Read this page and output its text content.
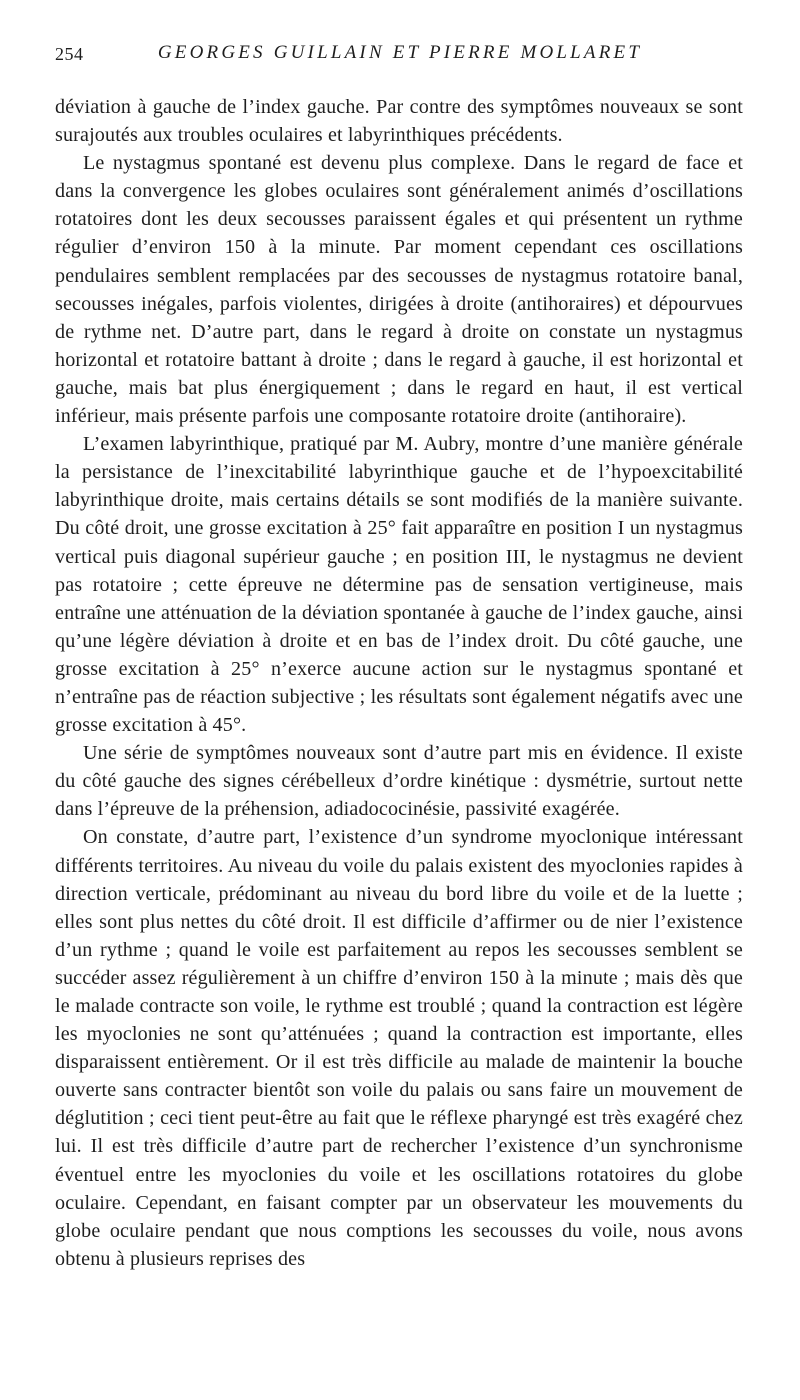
254	GEORGES GUILLAIN ET PIERRE MOLLARET

déviation à gauche de l’index gauche. Par contre des symptômes nouveaux se sont surajoutés aux troubles oculaires et labyrinthiques précédents.

Le nystagmus spontané est devenu plus complexe. Dans le regard de face et dans la convergence les globes oculaires sont généralement animés d’oscillations rotatoires dont les deux secousses paraissent égales et qui présentent un rythme régulier d’environ 150 à la minute. Par moment cependant ces oscillations pendulaires semblent remplacées par des secousses de nystagmus rotatoire banal, secousses inégales, parfois violentes, dirigées à droite (antihoraires) et dépourvues de rythme net. D’autre part, dans le regard à droite on constate un nystagmus horizontal et rotatoire battant à droite ; dans le regard à gauche, il est horizontal et gauche, mais bat plus énergiquement ; dans le regard en haut, il est vertical inférieur, mais présente parfois une composante rotatoire droite (antihoraire).

L’examen labyrinthique, pratiqué par M. Aubry, montre d’une manière générale la persistance de l’inexcitabilité labyrinthique gauche et de l’hypoexcitabilité labyrinthique droite, mais certains détails se sont modifiés de la manière suivante. Du côté droit, une grosse excitation à 25° fait apparaître en position I un nystagmus vertical puis diagonal supérieur gauche ; en position III, le nystagmus ne devient pas rotatoire ; cette épreuve ne détermine pas de sensation vertigineuse, mais entraîne une atténuation de la déviation spontanée à gauche de l’index gauche, ainsi qu’une légère déviation à droite et en bas de l’index droit. Du côté gauche, une grosse excitation à 25° n’exerce aucune action sur le nystagmus spontané et n’entraîne pas de réaction subjective ; les résultats sont également négatifs avec une grosse excitation à 45°.

Une série de symptômes nouveaux sont d’autre part mis en évidence. Il existe du côté gauche des signes cérébelleux d’ordre kinétique : dysmétrie, surtout nette dans l’épreuve de la préhension, adiadococinésie, passivité exagérée.

On constate, d’autre part, l’existence d’un syndrome myoclonique intéressant différents territoires. Au niveau du voile du palais existent des myoclonies rapides à direction verticale, prédominant au niveau du bord libre du voile et de la luette ; elles sont plus nettes du côté droit. Il est difficile d’affirmer ou de nier l’existence d’un rythme ; quand le voile est parfaitement au repos les secousses semblent se succéder assez régulièrement à un chiffre d’environ 150 à la minute ; mais dès que le malade contracte son voile, le rythme est troublé ; quand la contraction est légère les myoclonies ne sont qu’atténuées ; quand la contraction est importante, elles disparaissent entièrement. Or il est très difficile au malade de maintenir la bouche ouverte sans contracter bientôt son voile du palais ou sans faire un mouvement de déglutition ; ceci tient peut-être au fait que le réflexe pharyngé est très exagéré chez lui. Il est très difficile d’autre part de rechercher l’existence d’un synchronisme éventuel entre les myoclonies du voile et les oscillations rotatoires du globe oculaire. Cependant, en faisant compter par un observateur les mouvements du globe oculaire pendant que nous comptions les secousses du voile, nous avons obtenu à plusieurs reprises des
